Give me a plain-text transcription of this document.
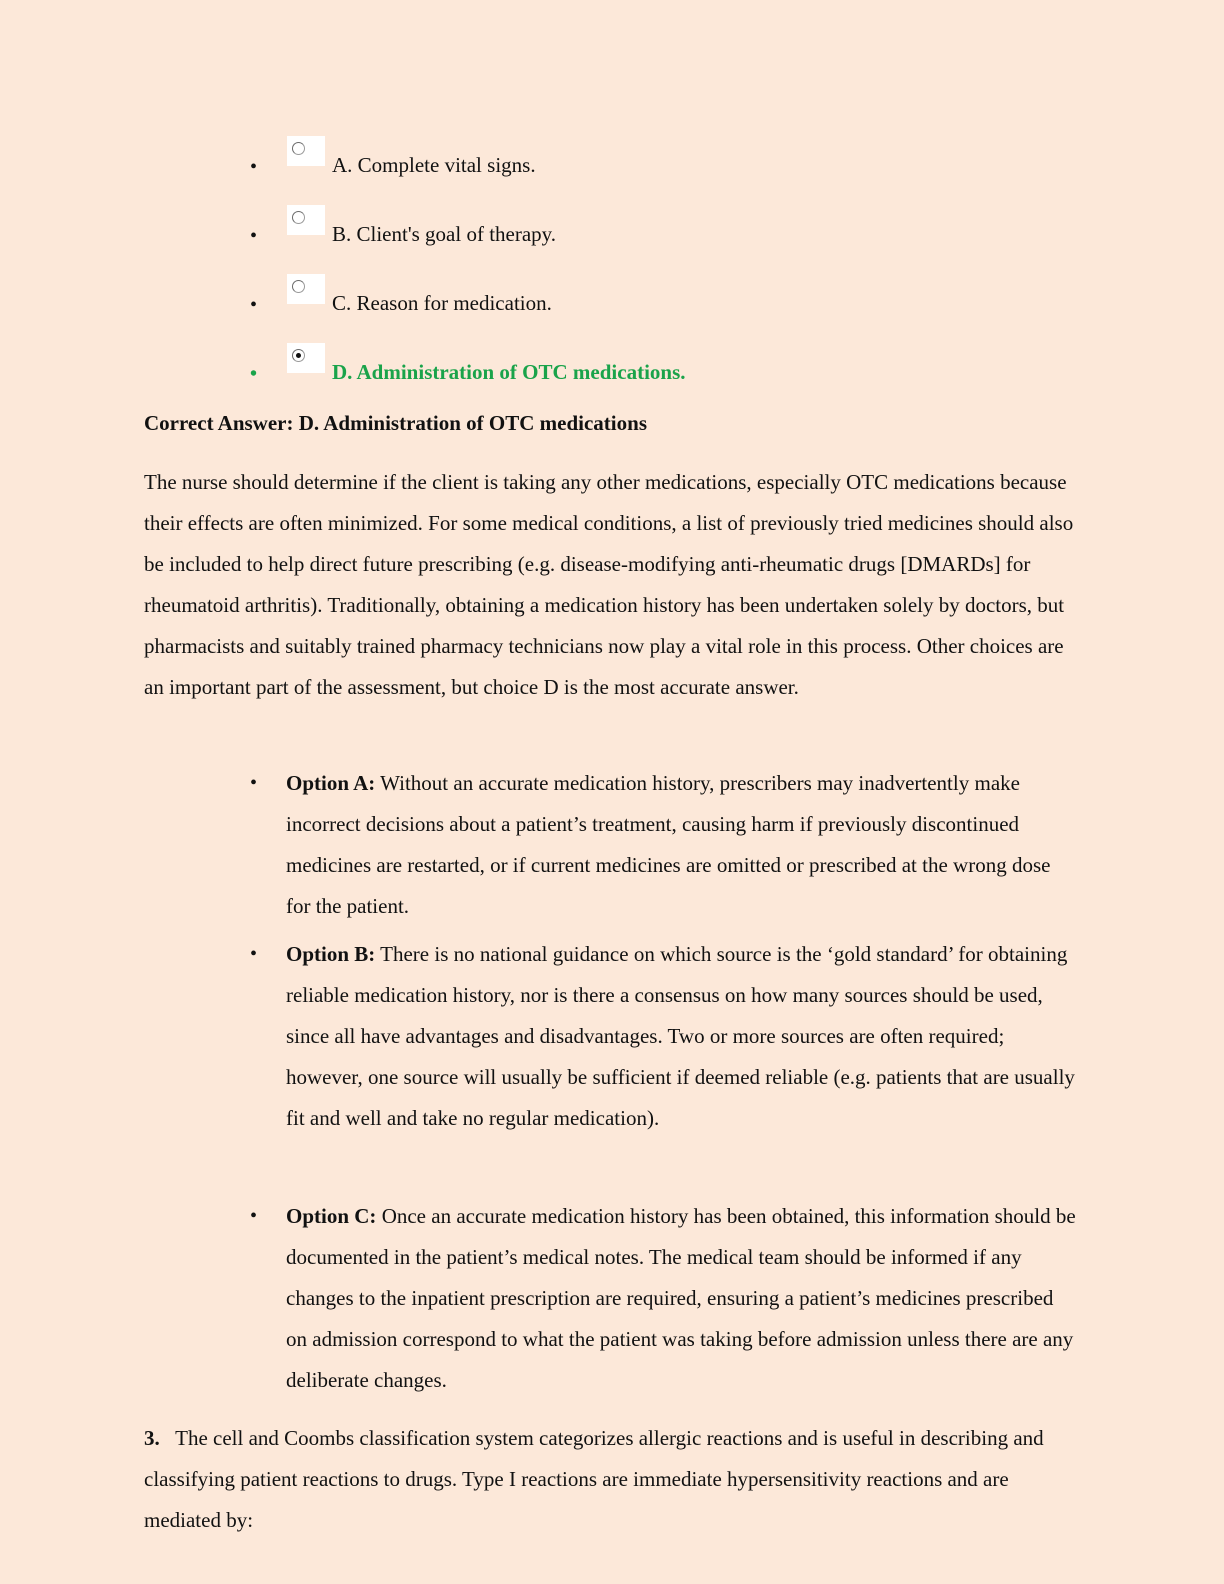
•	A. Complete vital signs.
•	B. Client's goal of therapy.
•	C. Reason for medication.
•	D. Administration of OTC medications.
Correct Answer: D. Administration of OTC medications
The nurse should determine if the client is taking any other medications, especially OTC medications because their effects are often minimized. For some medical conditions, a list of previously tried medicines should also be included to help direct future prescribing (e.g. disease-modifying anti-rheumatic drugs [DMARDs] for rheumatoid arthritis). Traditionally, obtaining a medication history has been undertaken solely by doctors, but pharmacists and suitably trained pharmacy technicians now play a vital role in this process. Other choices are an important part of the assessment, but choice D is the most accurate answer.
• Option A: Without an accurate medication history, prescribers may inadvertently make incorrect decisions about a patient’s treatment, causing harm if previously discontinued medicines are restarted, or if current medicines are omitted or prescribed at the wrong dose for the patient.
• Option B: There is no national guidance on which source is the ‘gold standard’ for obtaining reliable medication history, nor is there a consensus on how many sources should be used, since all have advantages and disadvantages. Two or more sources are often required; however, one source will usually be sufficient if deemed reliable (e.g. patients that are usually fit and well and take no regular medication).
• Option C: Once an accurate medication history has been obtained, this information should be documented in the patient’s medical notes. The medical team should be informed if any changes to the inpatient prescription are required, ensuring a patient’s medicines prescribed on admission correspond to what the patient was taking before admission unless there are any deliberate changes.
3. The cell and Coombs classification system categorizes allergic reactions and is useful in describing and classifying patient reactions to drugs. Type I reactions are immediate hypersensitivity reactions and are mediated by:
